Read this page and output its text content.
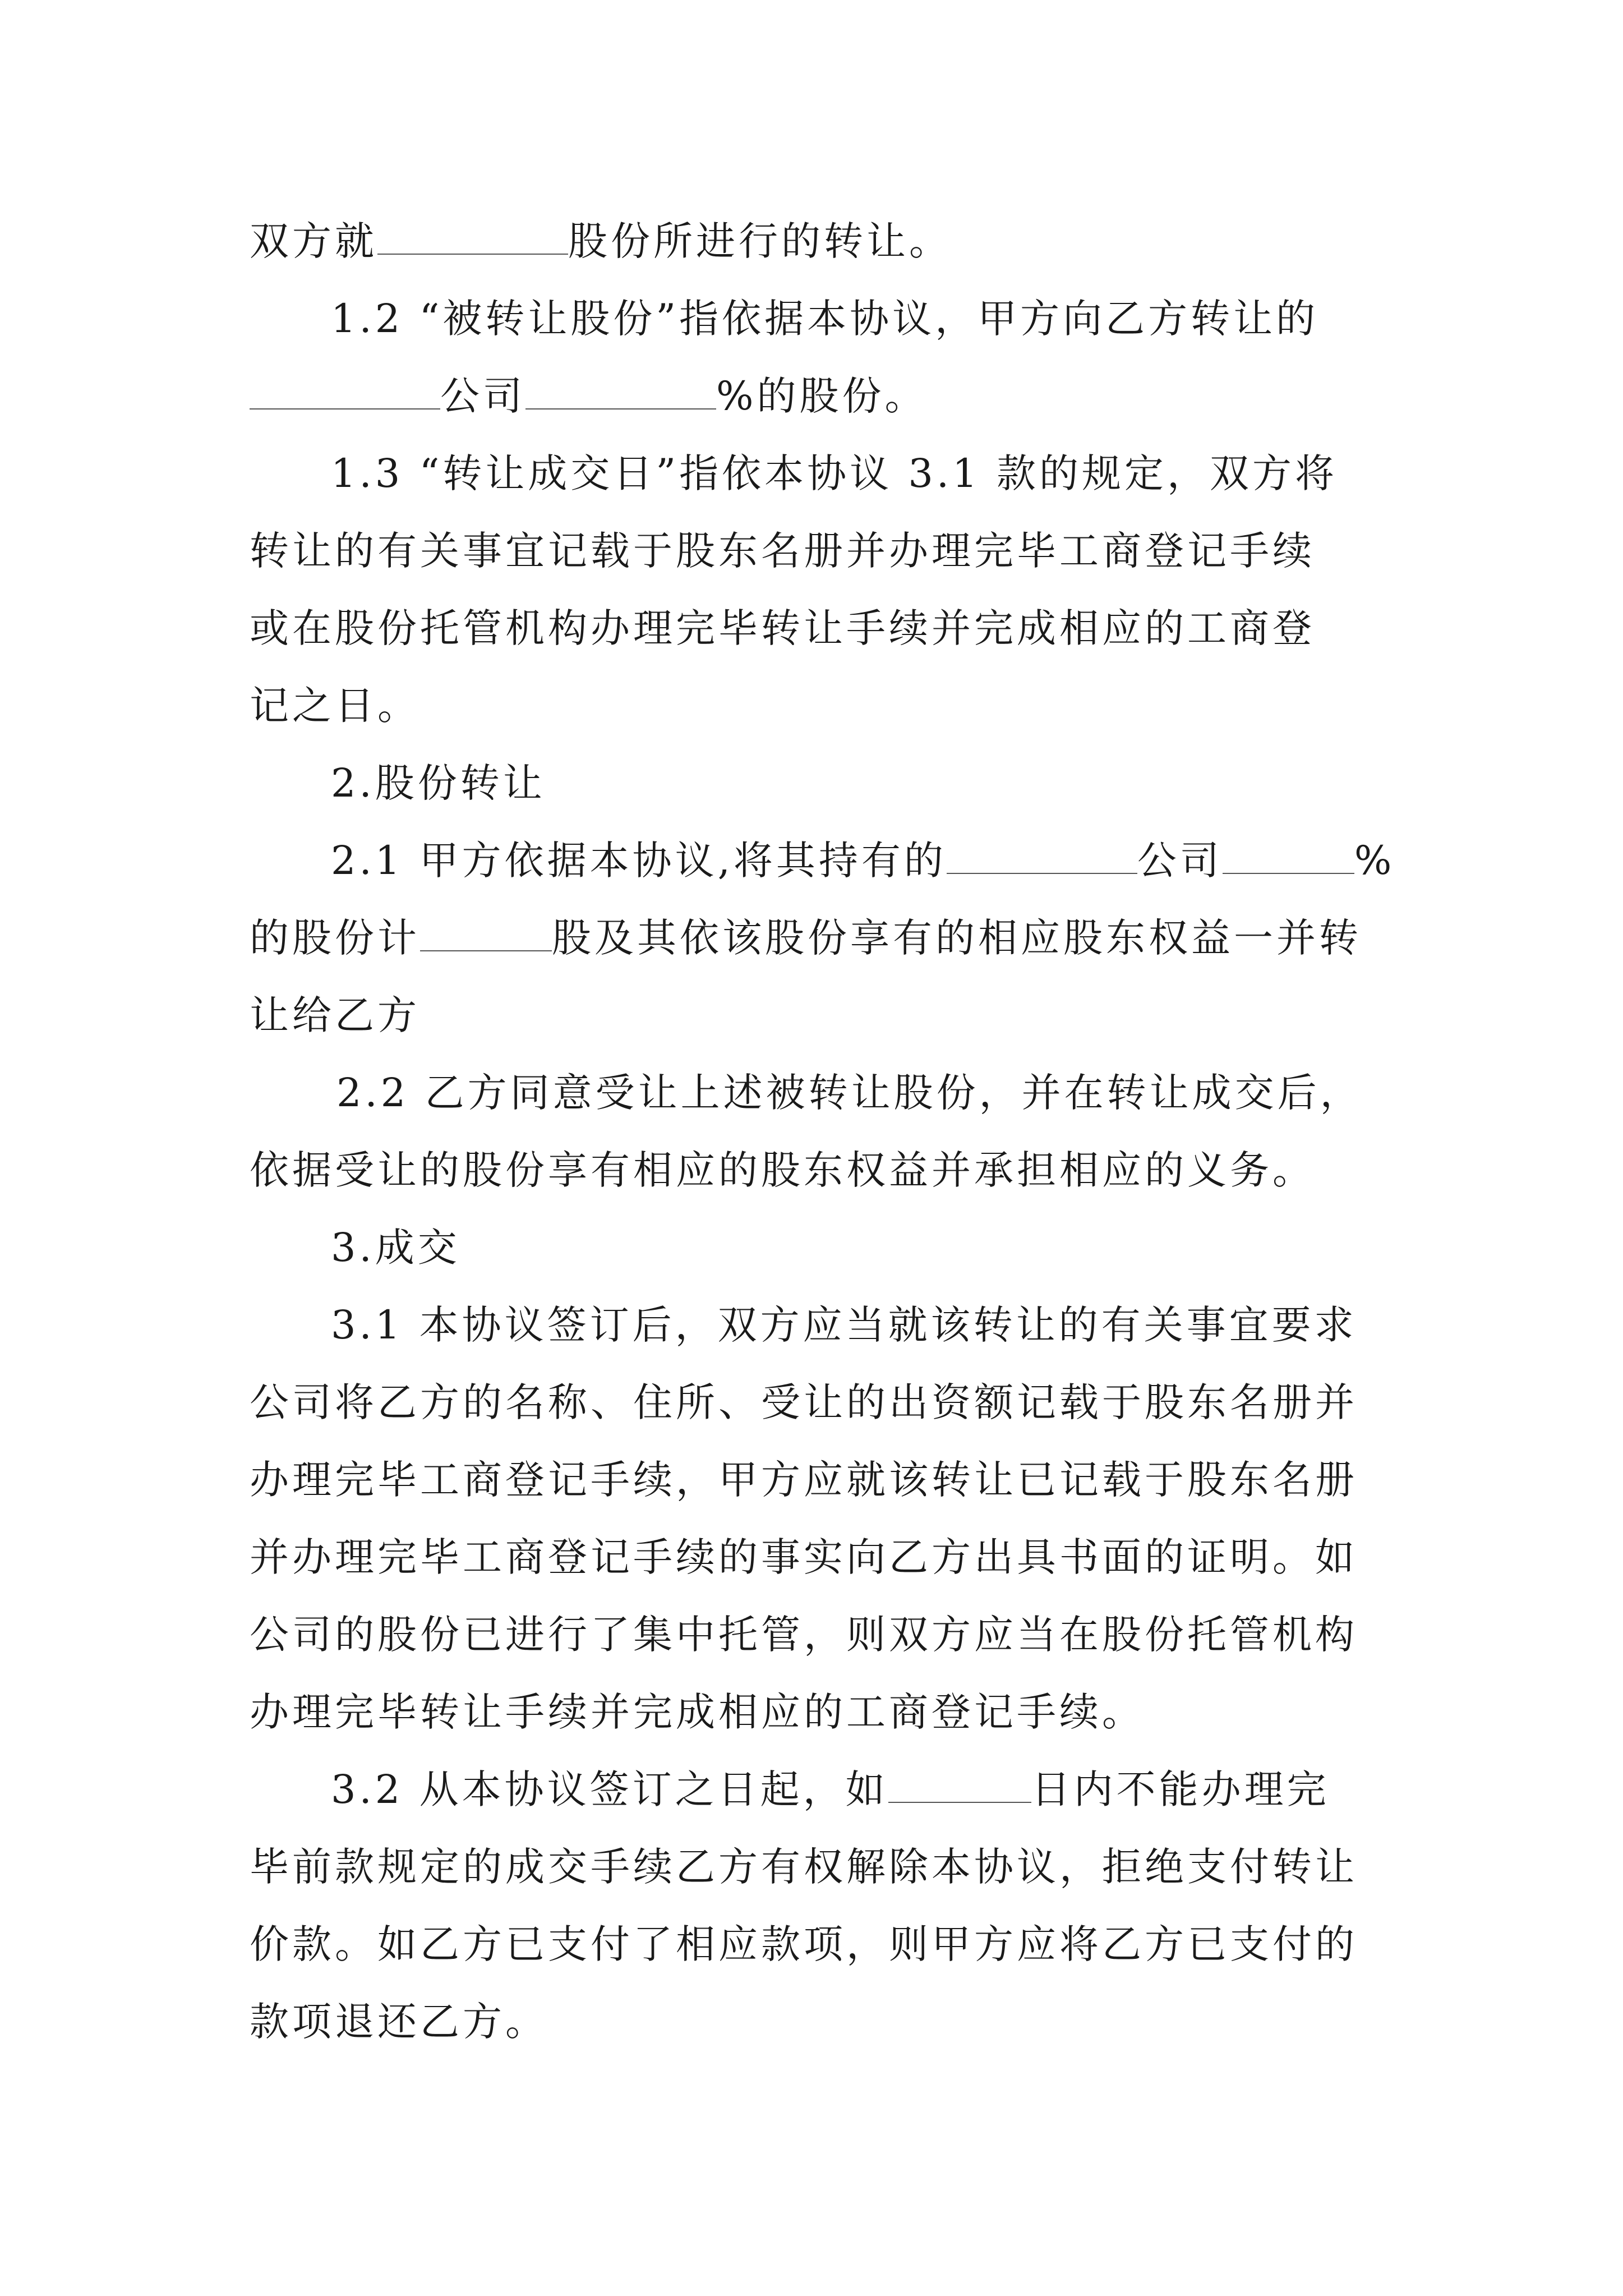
双方就	股份所进行的转让。
1.2 “被转让股份”指依据本协议，甲方向乙方转让的
公司	%的股份。
1.3 “转让成交日”指依本协议 3.1 款的规定，双方将
转让的有关事宜记载于股东名册并办理完毕工商登记手续
或在股份托管机构办理完毕转让手续并完成相应的工商登
记之日。
2.股份转让
2.1 甲方依据本协议,将其持有的	公司	%
的股份计	股及其依该股份享有的相应股东权益一并转
让给乙方
2.2 乙方同意受让上述被转让股份，并在转让成交后，
依据受让的股份享有相应的股东权益并承担相应的义务。
3.成交
3.1 本协议签订后，双方应当就该转让的有关事宜要求
公司将乙方的名称、住所、受让的出资额记载于股东名册并
办理完毕工商登记手续，甲方应就该转让已记载于股东名册
并办理完毕工商登记手续的事实向乙方出具书面的证明。如
公司的股份已进行了集中托管，则双方应当在股份托管机构
办理完毕转让手续并完成相应的工商登记手续。
3.2 从本协议签订之日起，如	日内不能办理完
毕前款规定的成交手续乙方有权解除本协议，拒绝支付转让
价款。如乙方已支付了相应款项，则甲方应将乙方已支付的
款项退还乙方。
